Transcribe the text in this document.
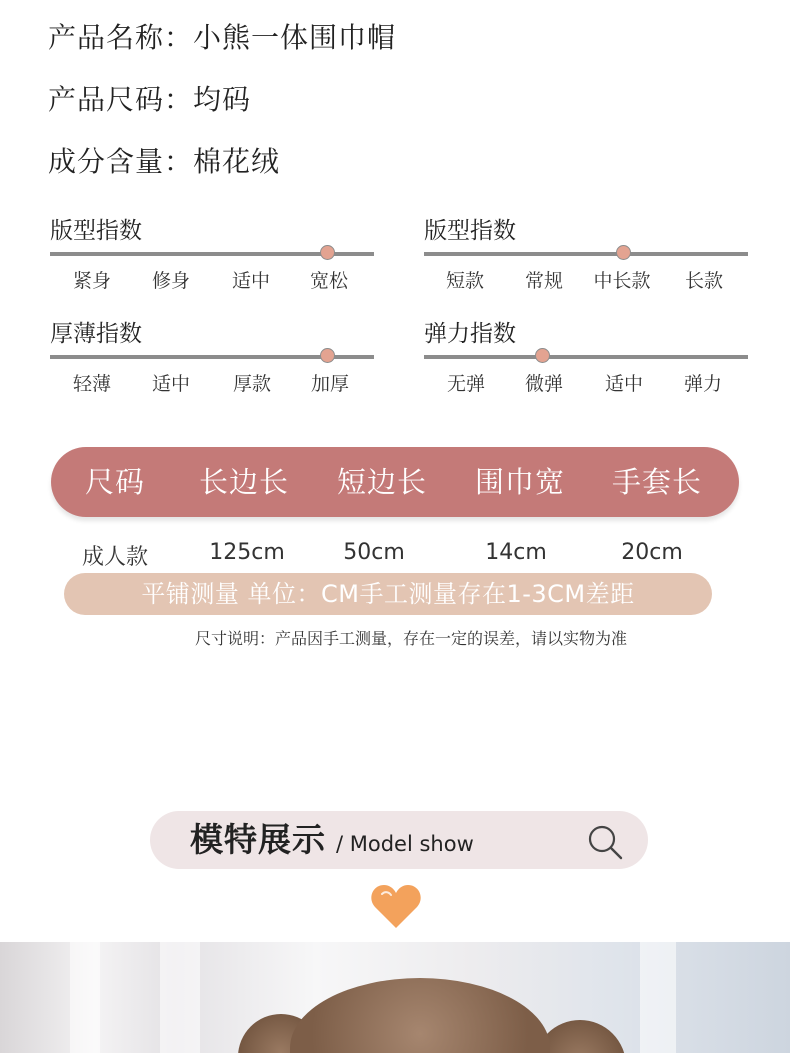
产品名称：小熊一体围巾帽
产品尺码：均码
成分含量：棉花绒
版型指数
紧身	修身	适中	宽松
版型指数
短款	常规	中长款	长款
厚薄指数
轻薄	适中	厚款	加厚
弹力指数
无弹	微弹	适中	弹力
尺码	长边长	短边长	围巾宽	手套长
成人款	125cm	50cm	14cm	20cm
平铺测量 单位：CM手工测量存在1-3CM差距
尺寸说明：产品因手工测量，存在一定的误差，请以实物为准
模特展示 / Model show
